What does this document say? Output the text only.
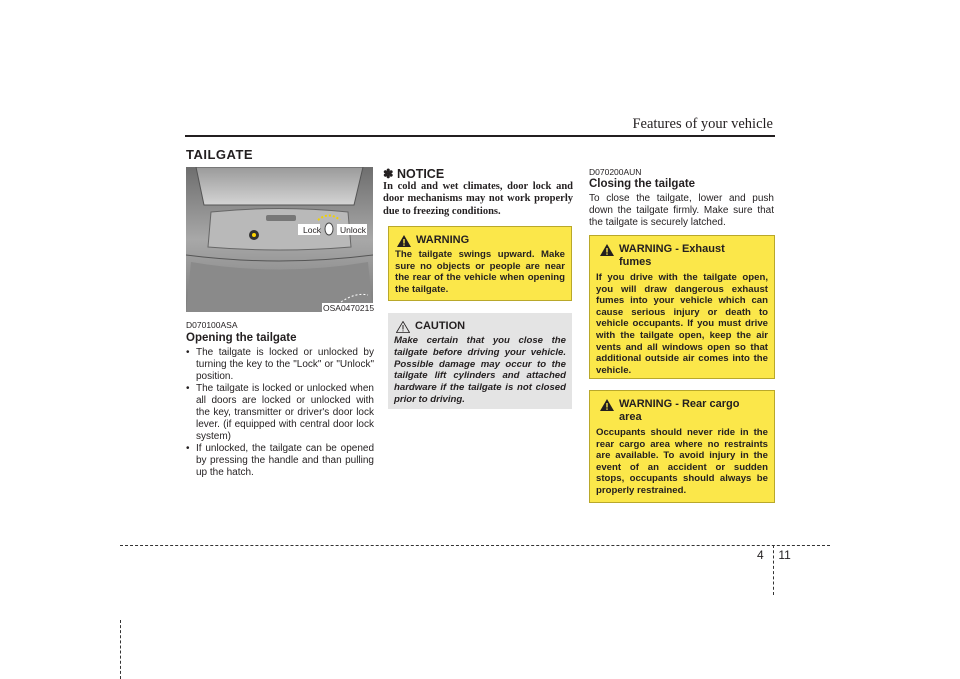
Features of your vehicle
TAILGATE
Lock Unlock
OSA0470215
D070100ASA
Opening the tailgate
• The tailgate is locked or unlocked by turning the key to the "Lock" or "Unlock" position.
• The tailgate is locked or unlocked when all doors are locked or unlocked with the key, transmitter or driver's door lock lever. (if equipped with central door lock system)
• If unlocked, the tailgate can be opened by pressing the handle and than pulling up the hatch.
✽ NOTICE
In cold and wet climates, door lock and door mechanisms may not work properly due to freezing conditions.
WARNING
The tailgate swings upward. Make sure no objects or people are near the rear of the vehicle when opening the tailgate.
CAUTION
Make certain that you close the tailgate before driving your vehicle. Possible damage may occur to the tailgate lift cylinders and attached hardware if the tailgate is not closed prior to driving.
D070200AUN
Closing the tailgate
To close the tailgate, lower and push down the tailgate firmly. Make sure that the tailgate is securely latched.
WARNING - Exhaust fumes
If you drive with the tailgate open, you will draw dangerous exhaust fumes into your vehicle which can cause serious injury or death to vehicle occupants. If you must drive with the tailgate open, keep the air vents and all windows open so that additional outside air comes into the vehicle.
WARNING - Rear cargo area
Occupants should never ride in the rear cargo area where no restraints are available. To avoid injury in the event of an accident or sudden stops, occupants should always be properly restrained.
4 11
